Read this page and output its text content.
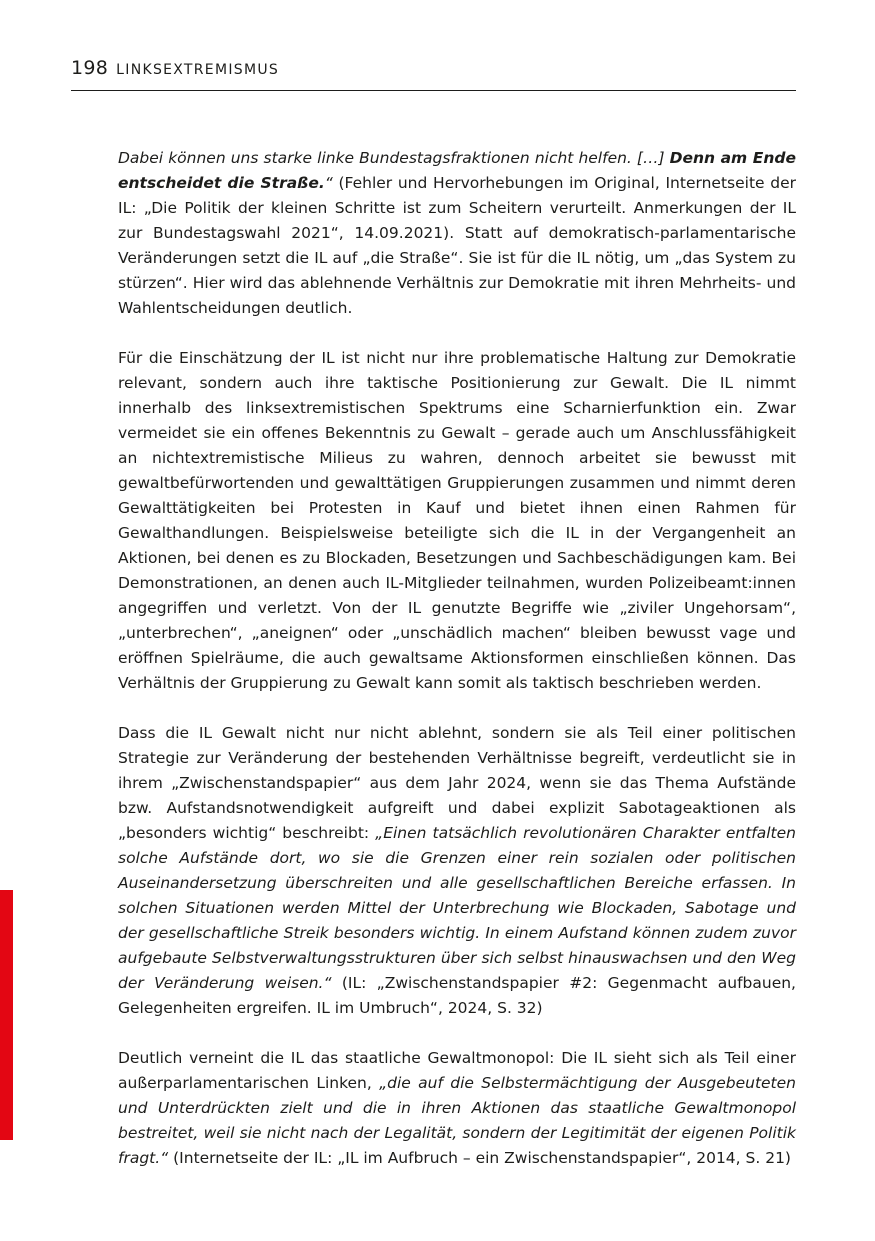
198 LINKSEXTREMISMUS

Dabei können uns starke linke Bundestagsfraktionen nicht helfen. […] Denn am Ende entscheidet die Straße.“ (Fehler und Hervorhebungen im Original, Internetseite der IL: „Die Politik der kleinen Schritte ist zum Scheitern verurteilt. Anmerkungen der IL zur Bundestagswahl 2021“, 14.09.2021). Statt auf demokratisch-parlamentarische Veränderungen setzt die IL auf „die Straße“. Sie ist für die IL nötig, um „das System zu stürzen“. Hier wird das ablehnende Verhältnis zur Demokratie mit ihren Mehrheits- und Wahlentscheidungen deutlich.

Für die Einschätzung der IL ist nicht nur ihre problematische Haltung zur Demokratie relevant, sondern auch ihre taktische Positionierung zur Gewalt. Die IL nimmt innerhalb des linksextremistischen Spektrums eine Scharnierfunktion ein. Zwar vermeidet sie ein offenes Bekenntnis zu Gewalt – gerade auch um Anschlussfähigkeit an nichtextremistische Milieus zu wahren, dennoch arbeitet sie bewusst mit gewaltbefürwortenden und gewalttätigen Gruppierungen zusammen und nimmt deren Gewalttätigkeiten bei Protesten in Kauf und bietet ihnen einen Rahmen für Gewalthandlungen. Beispielsweise beteiligte sich die IL in der Vergangenheit an Aktionen, bei denen es zu Blockaden, Besetzungen und Sachbeschädigungen kam. Bei Demonstrationen, an denen auch IL-Mitglieder teilnahmen, wurden Polizeibeamt:innen angegriffen und verletzt. Von der IL genutzte Begriffe wie „ziviler Ungehorsam“, „unterbrechen“, „aneignen“ oder „unschädlich machen“ bleiben bewusst vage und eröffnen Spielräume, die auch gewaltsame Aktionsformen einschließen können. Das Verhältnis der Gruppierung zu Gewalt kann somit als taktisch beschrieben werden.

Dass die IL Gewalt nicht nur nicht ablehnt, sondern sie als Teil einer politischen Strategie zur Veränderung der bestehenden Verhältnisse begreift, verdeutlicht sie in ihrem „Zwischenstandspapier“ aus dem Jahr 2024, wenn sie das Thema Aufstände bzw. Aufstandsnotwendigkeit aufgreift und dabei explizit Sabotageaktionen als „besonders wichtig“ beschreibt: „Einen tatsächlich revolutionären Charakter entfalten solche Aufstände dort, wo sie die Grenzen einer rein sozialen oder politischen Auseinandersetzung überschreiten und alle gesellschaftlichen Bereiche erfassen. In solchen Situationen werden Mittel der Unterbrechung wie Blockaden, Sabotage und der gesellschaftliche Streik besonders wichtig. In einem Aufstand können zudem zuvor aufgebaute Selbstverwaltungsstrukturen über sich selbst hinauswachsen und den Weg der Veränderung weisen.“ (IL: „Zwischenstandspapier #2: Gegenmacht aufbauen, Gelegenheiten ergreifen. IL im Umbruch“, 2024, S. 32)

Deutlich verneint die IL das staatliche Gewaltmonopol: Die IL sieht sich als Teil einer außerparlamentarischen Linken, „die auf die Selbstermächtigung der Ausgebeuteten und Unterdrückten zielt und die in ihren Aktionen das staatliche Gewaltmonopol bestreitet, weil sie nicht nach der Legalität, sondern der Legitimität der eigenen Politik fragt.“ (Internetseite der IL: „IL im Aufbruch – ein Zwischenstandspapier“, 2014, S. 21)
